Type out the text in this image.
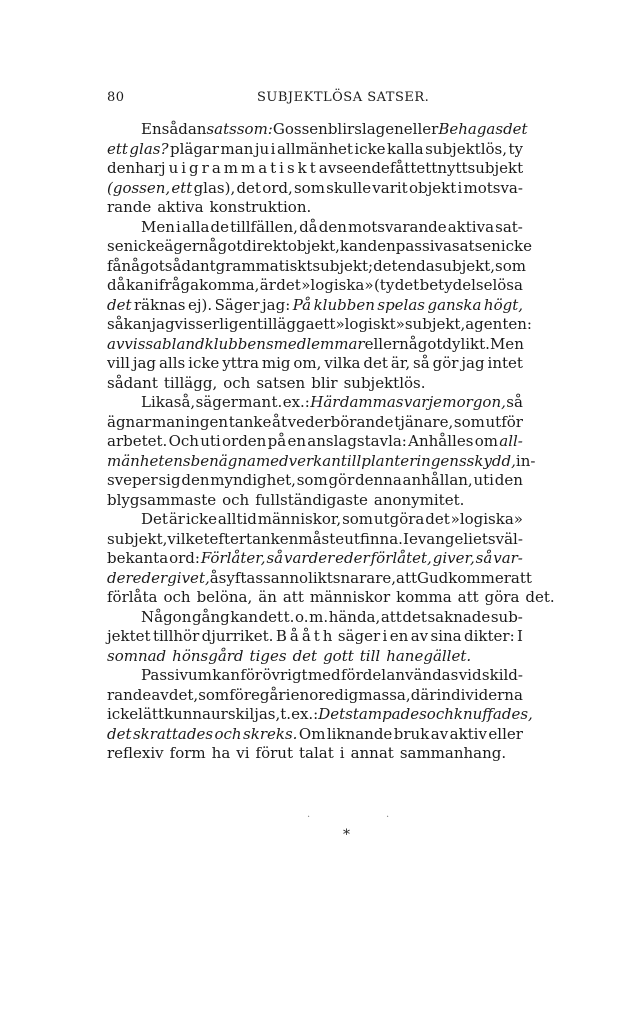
80	SUBJEKTLÖSA SATSER.
En sådan sats som: Gossen blir slagen eller Behagas det
ett glas? plägar man ju i allmänhet icke kalla subjektlös, ty
den har ju i grammatiskt avseende fått ett nytt subjekt
(gossen, ett glas), det ord, som skulle varit objekt i motsva-
rande aktiva konstruktion.
Men i alla de tillfällen, då den motsvarande aktiva sat-
sen icke äger något direkt objekt, kan den passiva satsen icke
få något sådant grammatiskt subjekt; det enda subjekt, som
då kan ifrågakomma, är det »logiska» (ty det betydelselösa
det räknas ej). Säger jag: På klubben spelas ganska högt,
så kan jag visserligen tillägga ett »logiskt» subjekt, agenten:
av vissa bland klubbens medlemmar eller något dylikt. Men
vill jag alls icke yttra mig om, vilka det är, så gör jag intet
sådant tillägg, och satsen blir subjektlös.
Likaså, säger man t. ex.: Här dammas varje morgon, så
ägnar man ingen tanke åt vederbörande tjänare, som utför
arbetet. Och uti orden på en anslagstavla: Anhålles om all-
mänhetens benägna medverkan till planteringens skydd, in-
sveper sig den myndighet, som gör denna anhållan, uti den
blygsammaste och fullständigaste anonymitet.
Det är icke alltid människor, som utgöra det »logiska»
subjekt, vilket eftertanken måste utfinna. I evangeliets väl-
bekanta ord: Förlåter, så varder eder förlåtet, giver, så var-
der eder givet, åsyftas sannolikt snarare, att Gud kommer att
förlåta och belöna, än att människor komma att göra det.
Någon gång kan det t. o. m. hända, att det saknade sub-
jektet tillhör djurriket. Bååth säger i en av sina dikter: I
somnad hönsgård tiges det gott till hanegället.
Passivum kan för övrigt med fördel användas vid skild-
rande av det, som föregår i en oredig massa, där individerna
icke lätt kunna urskiljas, t. ex.: Det stampades och knuffades,
det skrattades och skreks. Om liknande bruk av aktiv eller
reflexiv form ha vi förut talat i annat sammanhang.
·	·
*
